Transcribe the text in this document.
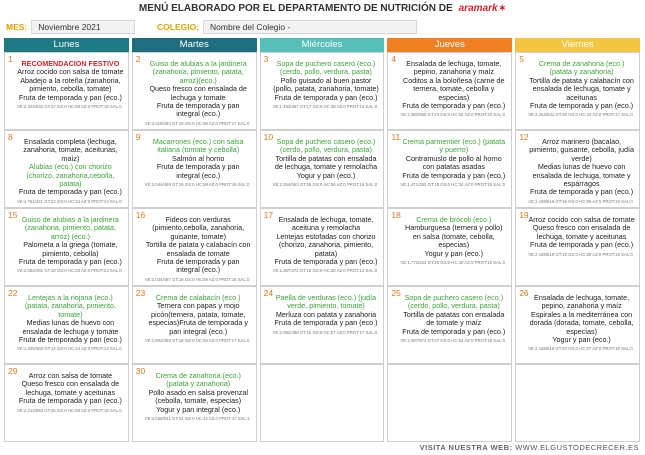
MENÚ ELABORADO POR EL DEPARTAMENTO DE NUTRICIÓN DE aramark✶
MES:	Noviembre 2021	COLEGIO:	Nombre del Colegio -
Lunes	Martes	Miércoles	Jueves	Viernes
1	RECOMENDACION FESTIVO
Arroz cocido con salsa de tomate
Abadejo a la roteña (zanahoria, pimiento, cebolla, tomate)
Fruta de temporada y pan (eco.)
VE:2.224/532 GT:27 GS:0 HC:58 AZ:0 PROT:18 SAL:0
2	Guiso de alubias a la jardinera (zanahoria, pimiento, patata, arroz)(eco.)
Queso fresco con ensalada de lechuga y tomate
Fruta de temporada y pan integral (eco.)
VE:2.018/483 GT:19 GS:0 HC:56 AZ:0 PROT:17 SAL:0
3	Sopa de puchero casero (eco.) (cerdo, pollo, verdura, pasta)
Pollo guisado al buen pastor (pollo, patata, zanahoria, tomate)
Fruta de temporada y pan (eco.)
VE:1.494/357 GT:17 GS:0 HC:38 AZ:0 PROT:14 SAL:0
4	Ensalada de lechuga, tomate, pepino, zanahoria y maíz
Coditos a la boloñesa (carne de ternera, tomate, cebolla y especias)
Fruta de temporada y pan (eco.)
VE:2.380/569 GT:23 GS:0 HC:62 AZ:0 PROT:20 SAL:0
5	Crema de zanahoria (eco.) (patata y zanahoria)
Tortilla de patata y calabacín con ensalada de lechuga, tomate y aceitunas
Fruta de temporada y pan (eco.)
VE:2.263/541 GT:29 GS:0 HC:44 AZ:0 PROT:17 SAL:0
8	Ensalada completa (lechuga, zanahoria, tomate, aceitunas, maíz)
Alubias (eco.) con chorizo (chorizo, zanahoria,cebolla, patata)
Fruta de temporada y pan (eco.)
VE:1.761/421 GT:22 GS:0 HC:44 AZ:0 PROT:14 SAL:0
9	Macarrones (eco.) con salsa italiana (tomate y cebolla)
Salmón al horno
Fruta de temporada y pan integral (eco.)
VE:2.044/489 GT:19 GS:0 HC:58 AZ:0 PROT:19 SAL:0
10 Sopa de puchero casero (eco.) (cerdo, pollo, verdura, pasta)
Tortilla de patatas con ensalada de lechuga, tomate y remolacha
Yogur y pan (eco.)
VE:2.254/563 GT:26 GS:0 HC:56 AZ:0 PROT:16 SAL:0
11 Crema parmentier (eco.) (patata y puerro)
Contramuslo de pollo al horno con patatas asadas
Fruta de temporada y pan (eco.)
VE:1.471/352 GT:15 GS:0 HC:34 AZ:0 PROT:15 SAL:0
12	Arroz marinero (bacalao, pimiento, guisante, cebolla, judía verde)
Medias lunas de huevo con ensalada de lechuga, tomate y espárragos
Fruta de temporada y pan (eco.)
VE:2.169/519 GT:19 GS:0 HC:59 AZ:0 PROT:19 SAL:0
15 Guiso de alubias a la jardinera (zanahoria, pimiento, patata, arroz) (eco.)
Palometa a la griega (tomate, pimiento, cebolla)
Fruta de temporada y pan (eco.)
VE:2.052/491 GT:19 GS:0 HC:53 AZ:0 PROT:23 SAL:0
16	Fideos con verduras (pimiento,cebolla, zanahoria, guisante, tomate)
Tortilla de patata y calabacín con ensalada de tomate
Fruta de temporada y pan integral (eco.)
VE:2.034/487 GT:18 GS:0 HC:59 AZ:0 PROT:18 SAL:0
17 Ensalada de lechuga, tomate, aceituna y remolacha
Lentejas estofadas con chorizo (chorizo, zanahoria, pimiento, patata)
Fruta de temporada y pan (eco.)
VE:1.357/372 GT:16 GS:0 HC:30 AZ:0 PROT:14 SAL:0
18	Crema de brócoli (eco.)
Hamburguesa (ternera y pollo) en salsa (tomate, cebolla, especias)
Yogur y pan (eco.)
VE:1.773/424 GT:20 GS:0 HC:40 AZ:0 PROT:19 SAL:0
19 Arroz cocido con salsa de tomate
Queso fresco con ensalada de lechuga, tomate y aceitunas
Fruta de temporada y pan (eco.)
VE:2.169/519 GT:19 GS:0 HC:59 AZ:0 PROT:19 SAL:0
22	Lentejas a la riojana (eco.) (patata, zanahoria, pimiento, tomate)
Medias lunas de huevo con ensalada de lechuga y tomate
Fruta de temporada y pan (eco.)
VE:1.325/365 GT:14 GS:0 HC:44 AZ:0 PROT:14 SAL:0
23	Crema de calabacín (eco.)
Ternera con papas y mojo picón(ternera, patata, tomate, especias)Fruta de temporada y pan integral (eco.)
VE:1.903/455 GT:18 GS:0 HC:50 AZ:0 PROT:17 SAL:0
24 Paella de verduras (eco.) (judía verde, pimiento, tomate)
Merluza con patata y zanahoria
Fruta de temporada y pan (eco.)
VE:2.082/498 GT:15 GS:0 HC:67 AZ:0 PROT:17 SAL:0
25 Sopa de puchero casero (eco.) (cerdo, pollo, verdura, pasta)
Tortilla de patatas con ensalada de tomate y maíz
Fruta de temporada y pan (eco.)
VE:2.397/574 GT:27 GS:0 HC:64 AZ:0 PROT:18 SAL:0
26 Ensalada de lechuga, tomate, pepino, zanahoria y maíz
Espirales a la mediterránea con dorada (dorada, tomate, cebolla, especias)
Yogur y pan (eco.)
VE:2.165/518 GT:23 GS:0 HC:57 AZ:0 PROT:19 SAL:0
29	Arroz con salsa de tomate
Queso fresco con ensalada de lechuga, tomate y aceitunas
Fruta de temporada y pan (eco.)
VE:2.213/553 GT:25 GS:0 HC:58 AZ:0 PROT:18 SAL:0
30	Crema de zanahoria (eco.) (patata y zanahoria)
Pollo asado en salsa provenzal (cebolla, tomate, especias)
Yogur y pan integral (eco.)
VE:2.638/631 GT:24 GS:0 HC:42 AZ:0 PROT:47 SAL:1
VISITA NUESTRA WEB: WWW.ELGUSTODECRECER.ES
